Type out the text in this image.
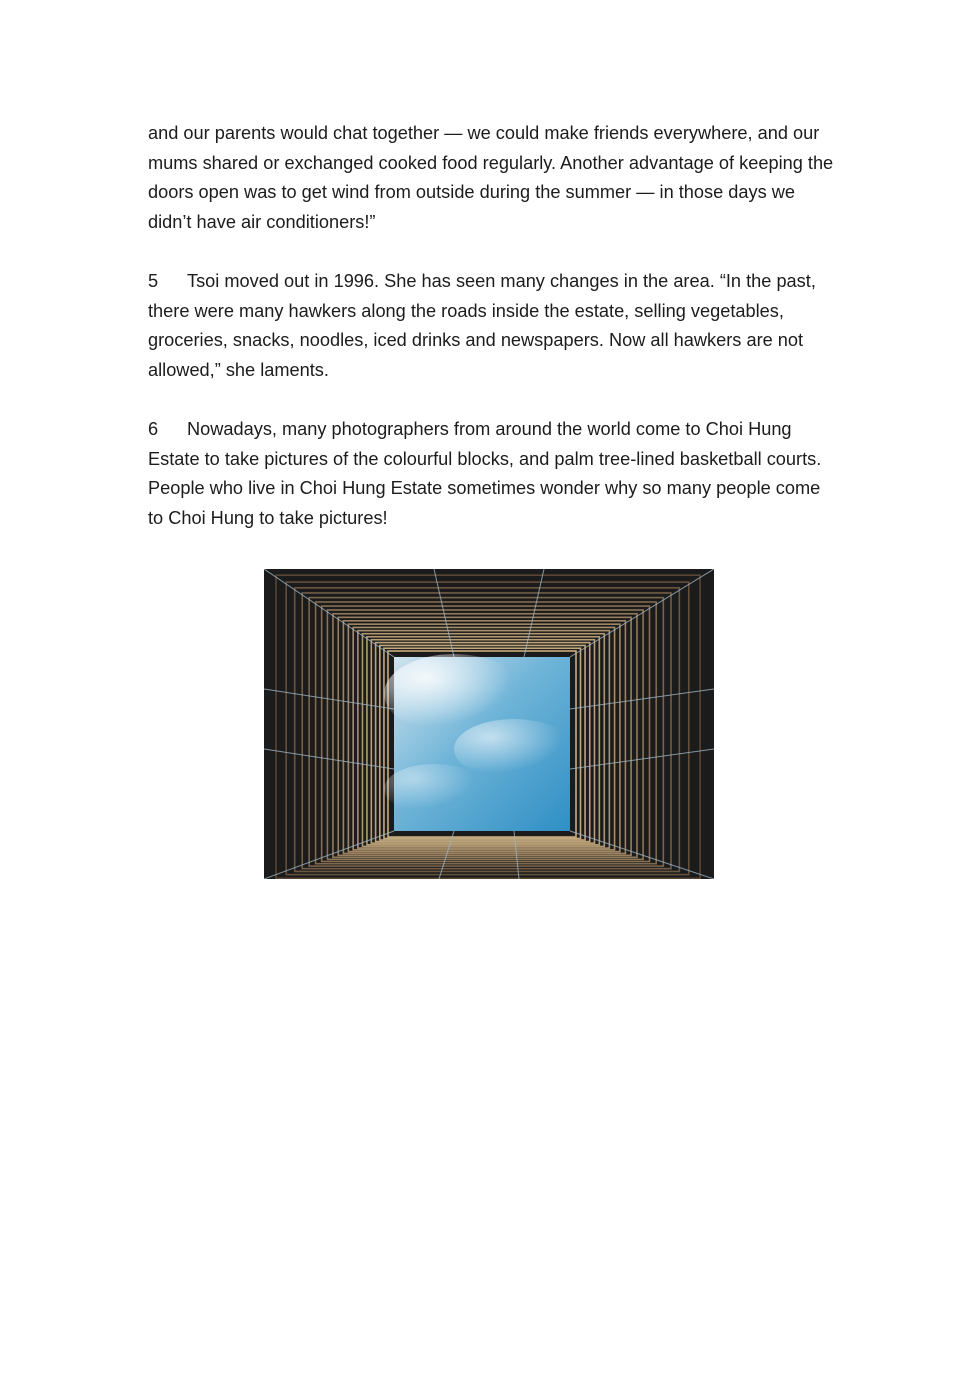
and our parents would chat together — we could make friends everywhere, and our mums shared or exchanged cooked food regularly. Another advantage of keeping the doors open was to get wind from outside during the summer — in those days we didn’t have air conditioners!”
5 Tsoi moved out in 1996. She has seen many changes in the area. “In the past, there were many hawkers along the roads inside the estate, selling vegetables, groceries, snacks, noodles, iced drinks and newspapers. Now all hawkers are not allowed,” she laments.
6 Nowadays, many photographers from around the world come to Choi Hung Estate to take pictures of the colourful blocks, and palm tree-lined basketball courts. People who live in Choi Hung Estate sometimes wonder why so many people come to Choi Hung to take pictures!
